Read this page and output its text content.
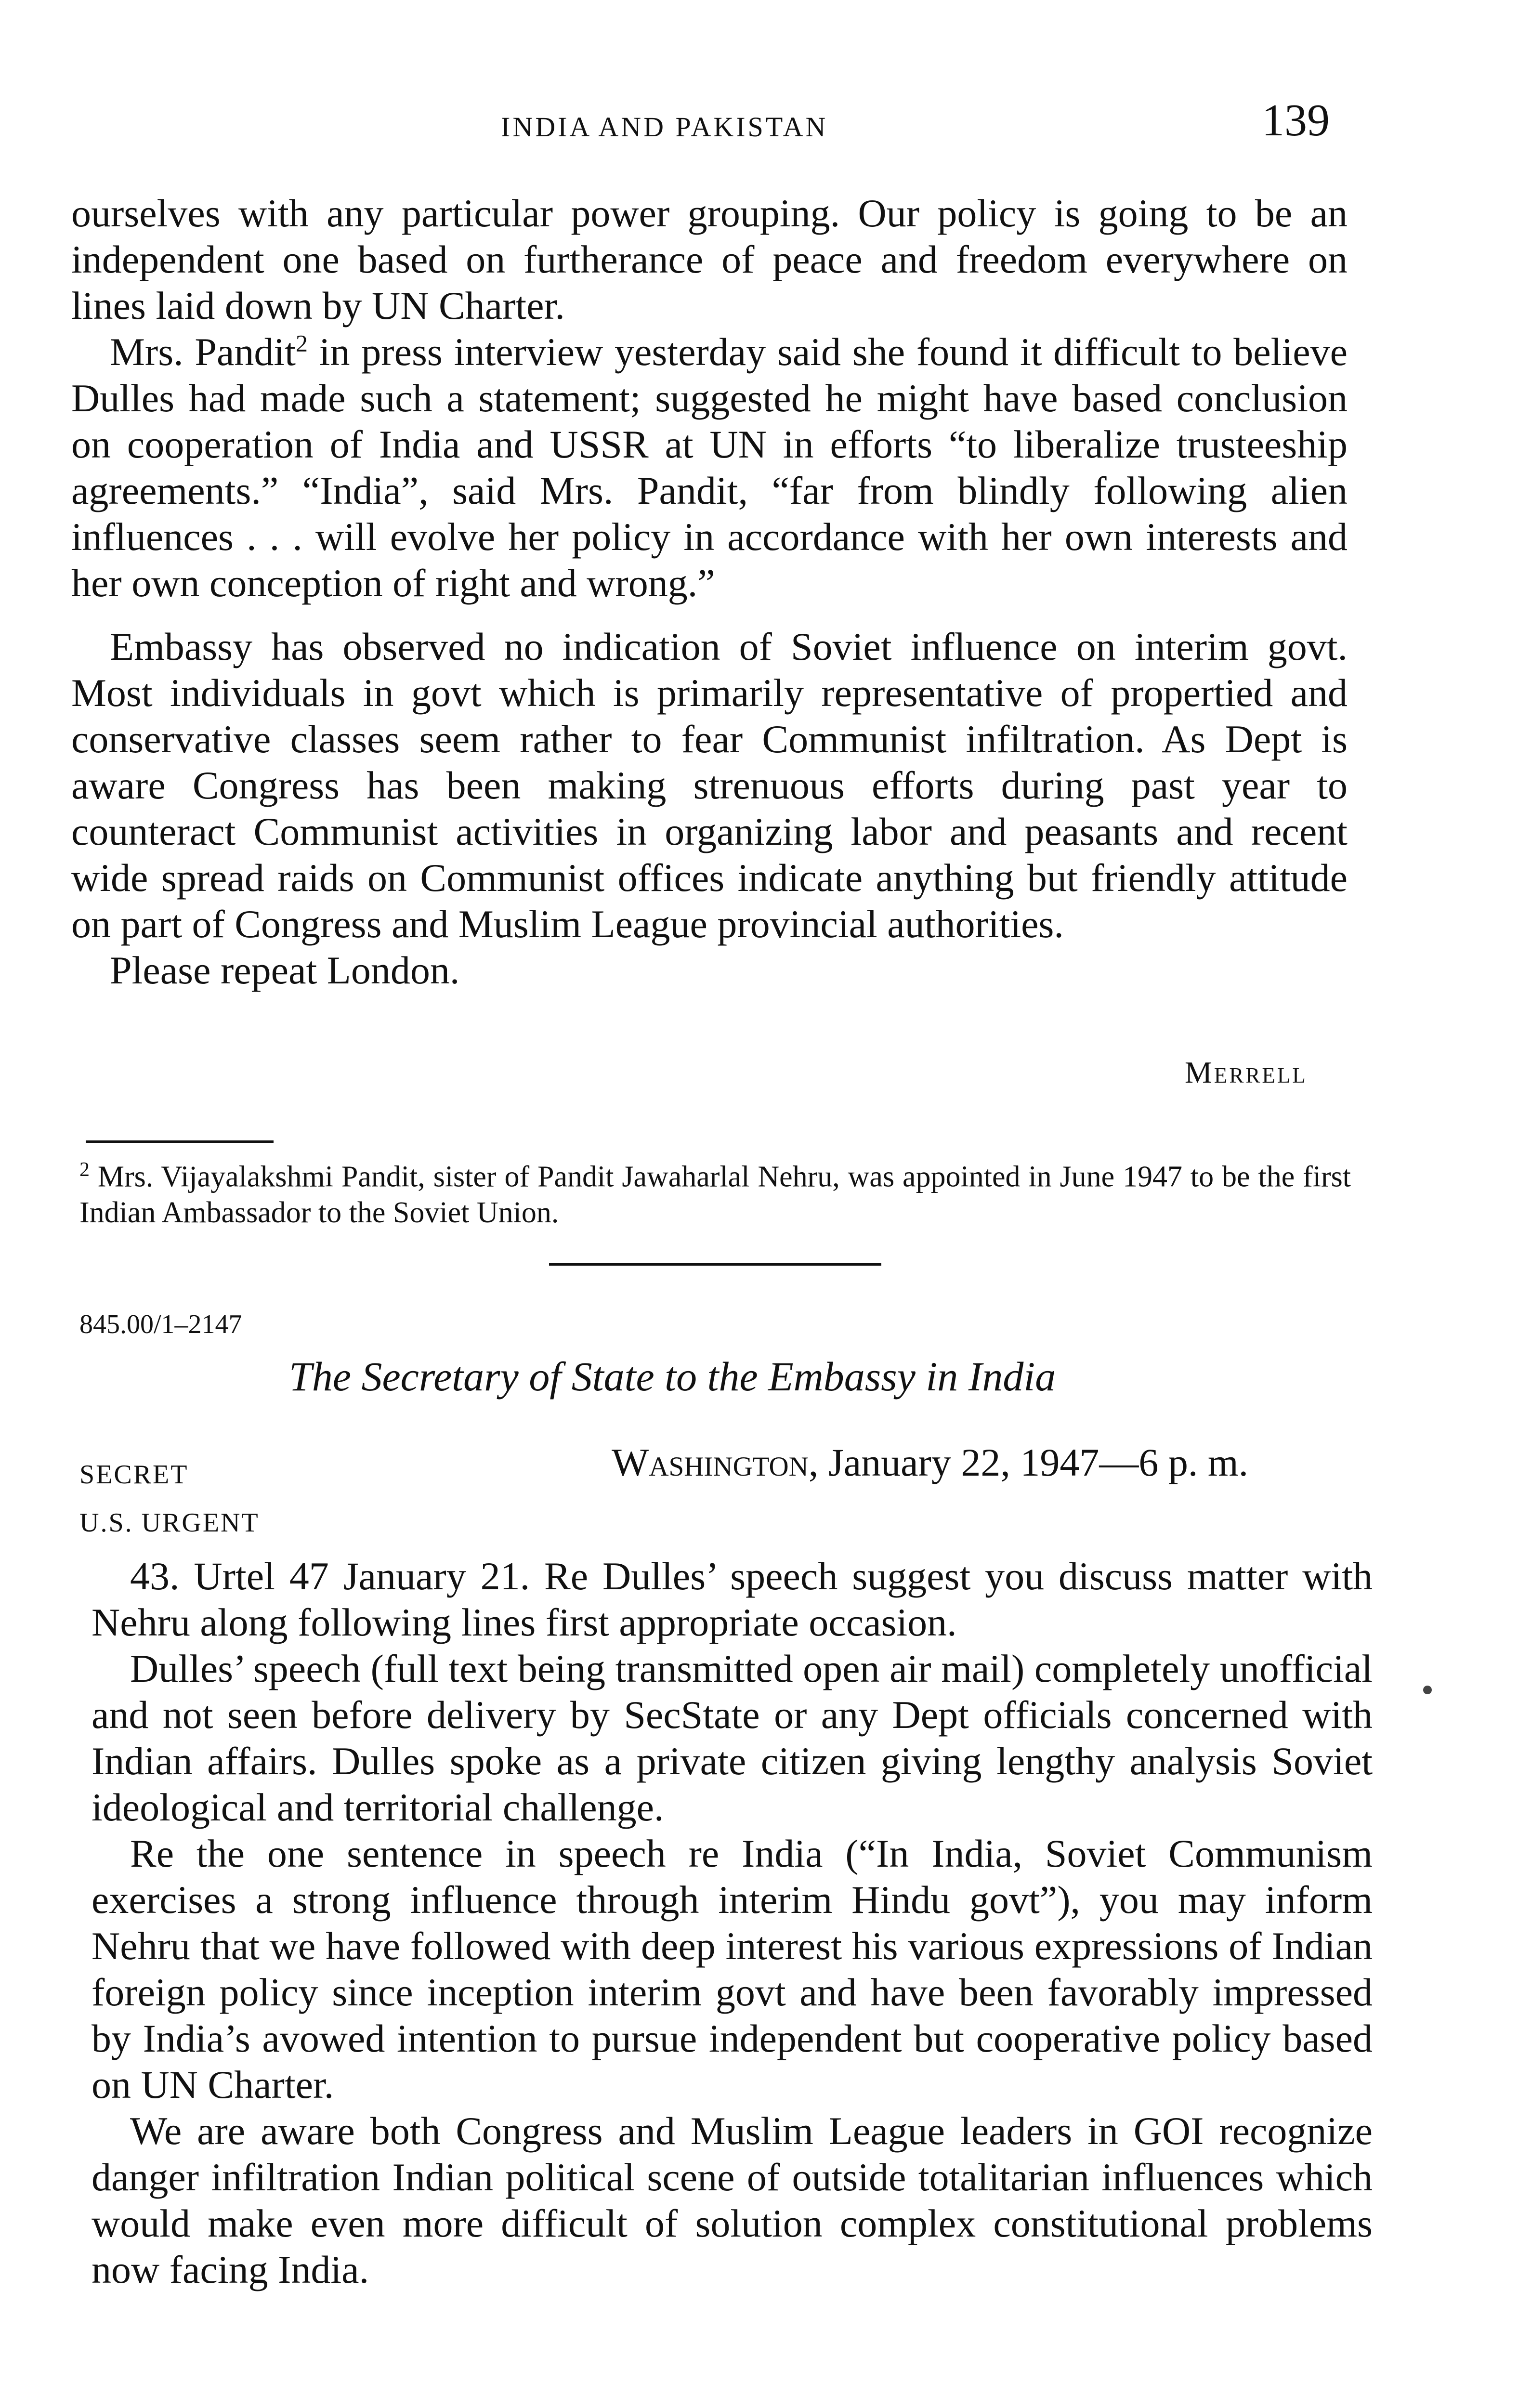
INDIA AND PAKISTAN	139

ourselves with any particular power grouping. Our policy is going to be an independent one based on furtherance of peace and freedom everywhere on lines laid down by UN Charter.

Mrs. Pandit$^2$ in press interview yesterday said she found it difficult to believe Dulles had made such a statement; suggested he might have based conclusion on cooperation of India and USSR at UN in efforts “to liberalize trusteeship agreements.” “India”, said Mrs. Pandit, “far from blindly following alien influences . . . will evolve her policy in accordance with her own interests and her own conception of right and wrong.”

Embassy has observed no indication of Soviet influence on interim govt. Most individuals in govt which is primarily representative of propertied and conservative classes seem rather to fear Communist infiltration. As Dept is aware Congress has been making strenuous efforts during past year to counteract Communist activities in organizing labor and peasants and recent wide spread raids on Communist offices indicate anything but friendly attitude on part of Congress and Muslim League provincial authorities.

Please repeat London.

Merrell
$^2$ Mrs. Vijayalakshmi Pandit, sister of Pandit Jawaharlal Nehru, was appointed in June 1947 to be the first Indian Ambassador to the Soviet Union.
845.00/1–2147
The Secretary of State to the Embassy in India
SECRET	Washington, January 22, 1947—6 p. m.
U.S. URGENT

43. Urtel 47 January 21. Re Dulles’ speech suggest you discuss matter with Nehru along following lines first appropriate occasion.

Dulles’ speech (full text being transmitted open air mail) completely unofficial and not seen before delivery by SecState or any Dept officials concerned with Indian affairs. Dulles spoke as a private citizen giving lengthy analysis Soviet ideological and territorial challenge.

Re the one sentence in speech re India (“In India, Soviet Communism exercises a strong influence through interim Hindu govt”), you may inform Nehru that we have followed with deep interest his various expressions of Indian foreign policy since inception interim govt and have been favorably impressed by India’s avowed intention to pursue independent but cooperative policy based on UN Charter.

We are aware both Congress and Muslim League leaders in GOI recognize danger infiltration Indian political scene of outside totalitarian influences which would make even more difficult of solution complex constitutional problems now facing India.
